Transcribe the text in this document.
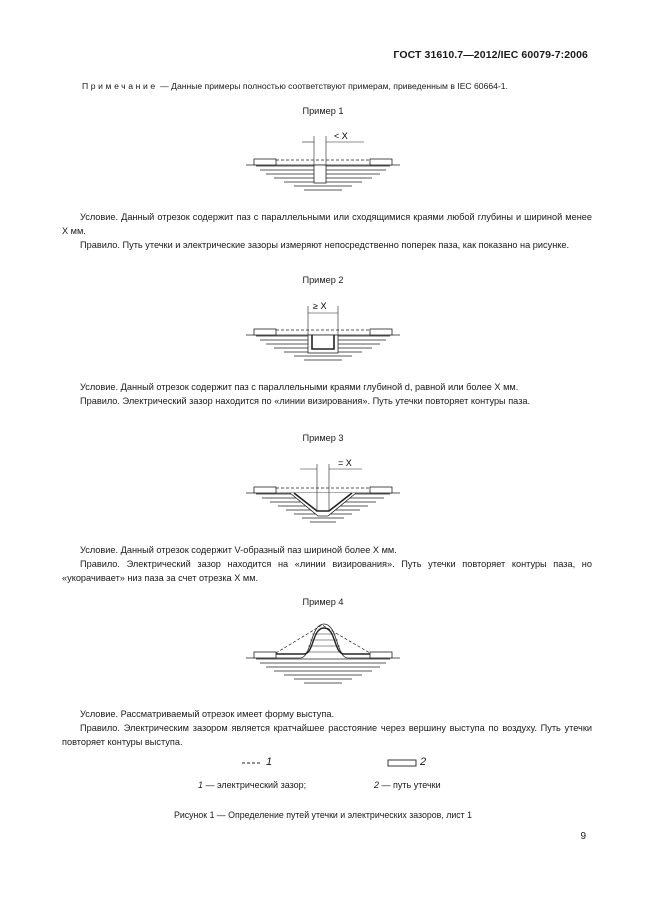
ГОСТ 31610.7—2012/IEC 60079-7:2006
Примечание — Данные примеры полностью соответствуют примерам, приведенным в IEC 60664-1.
Пример 1
< X

Условие. Данный отрезок содержит паз с параллельными или сходящимися краями любой глубины и шириной менее X мм.

Правило. Путь утечки и электрические зазоры измеряют непосредственно поперек паза, как показано на рисунке.

Пример 2
≥ X

Условие. Данный отрезок содержит паз с параллельными краями глубиной d, равной или более X мм.

Правило. Электрический зазор находится по «линии визирования». Путь утечки повторяет контуры паза.

Пример 3
= X

Условие. Данный отрезок содержит V-образный паз шириной более X мм.

Правило. Электрический зазор находится на «линии визирования». Путь утечки повторяет контуры паза, но «укорачивает» низ паза за счет отрезка X мм.

Пример 4

Условие. Рассматриваемый отрезок имеет форму выступа.

Правило. Электрическим зазором является кратчайшее расстояние через вершину выступа по воздуху. Путь утечки повторяет контуры выступа.

1	2
1 — электрический зазор;	2 — путь утечки
Рисунок 1 — Определение путей утечки и электрических зазоров, лист 1
9
